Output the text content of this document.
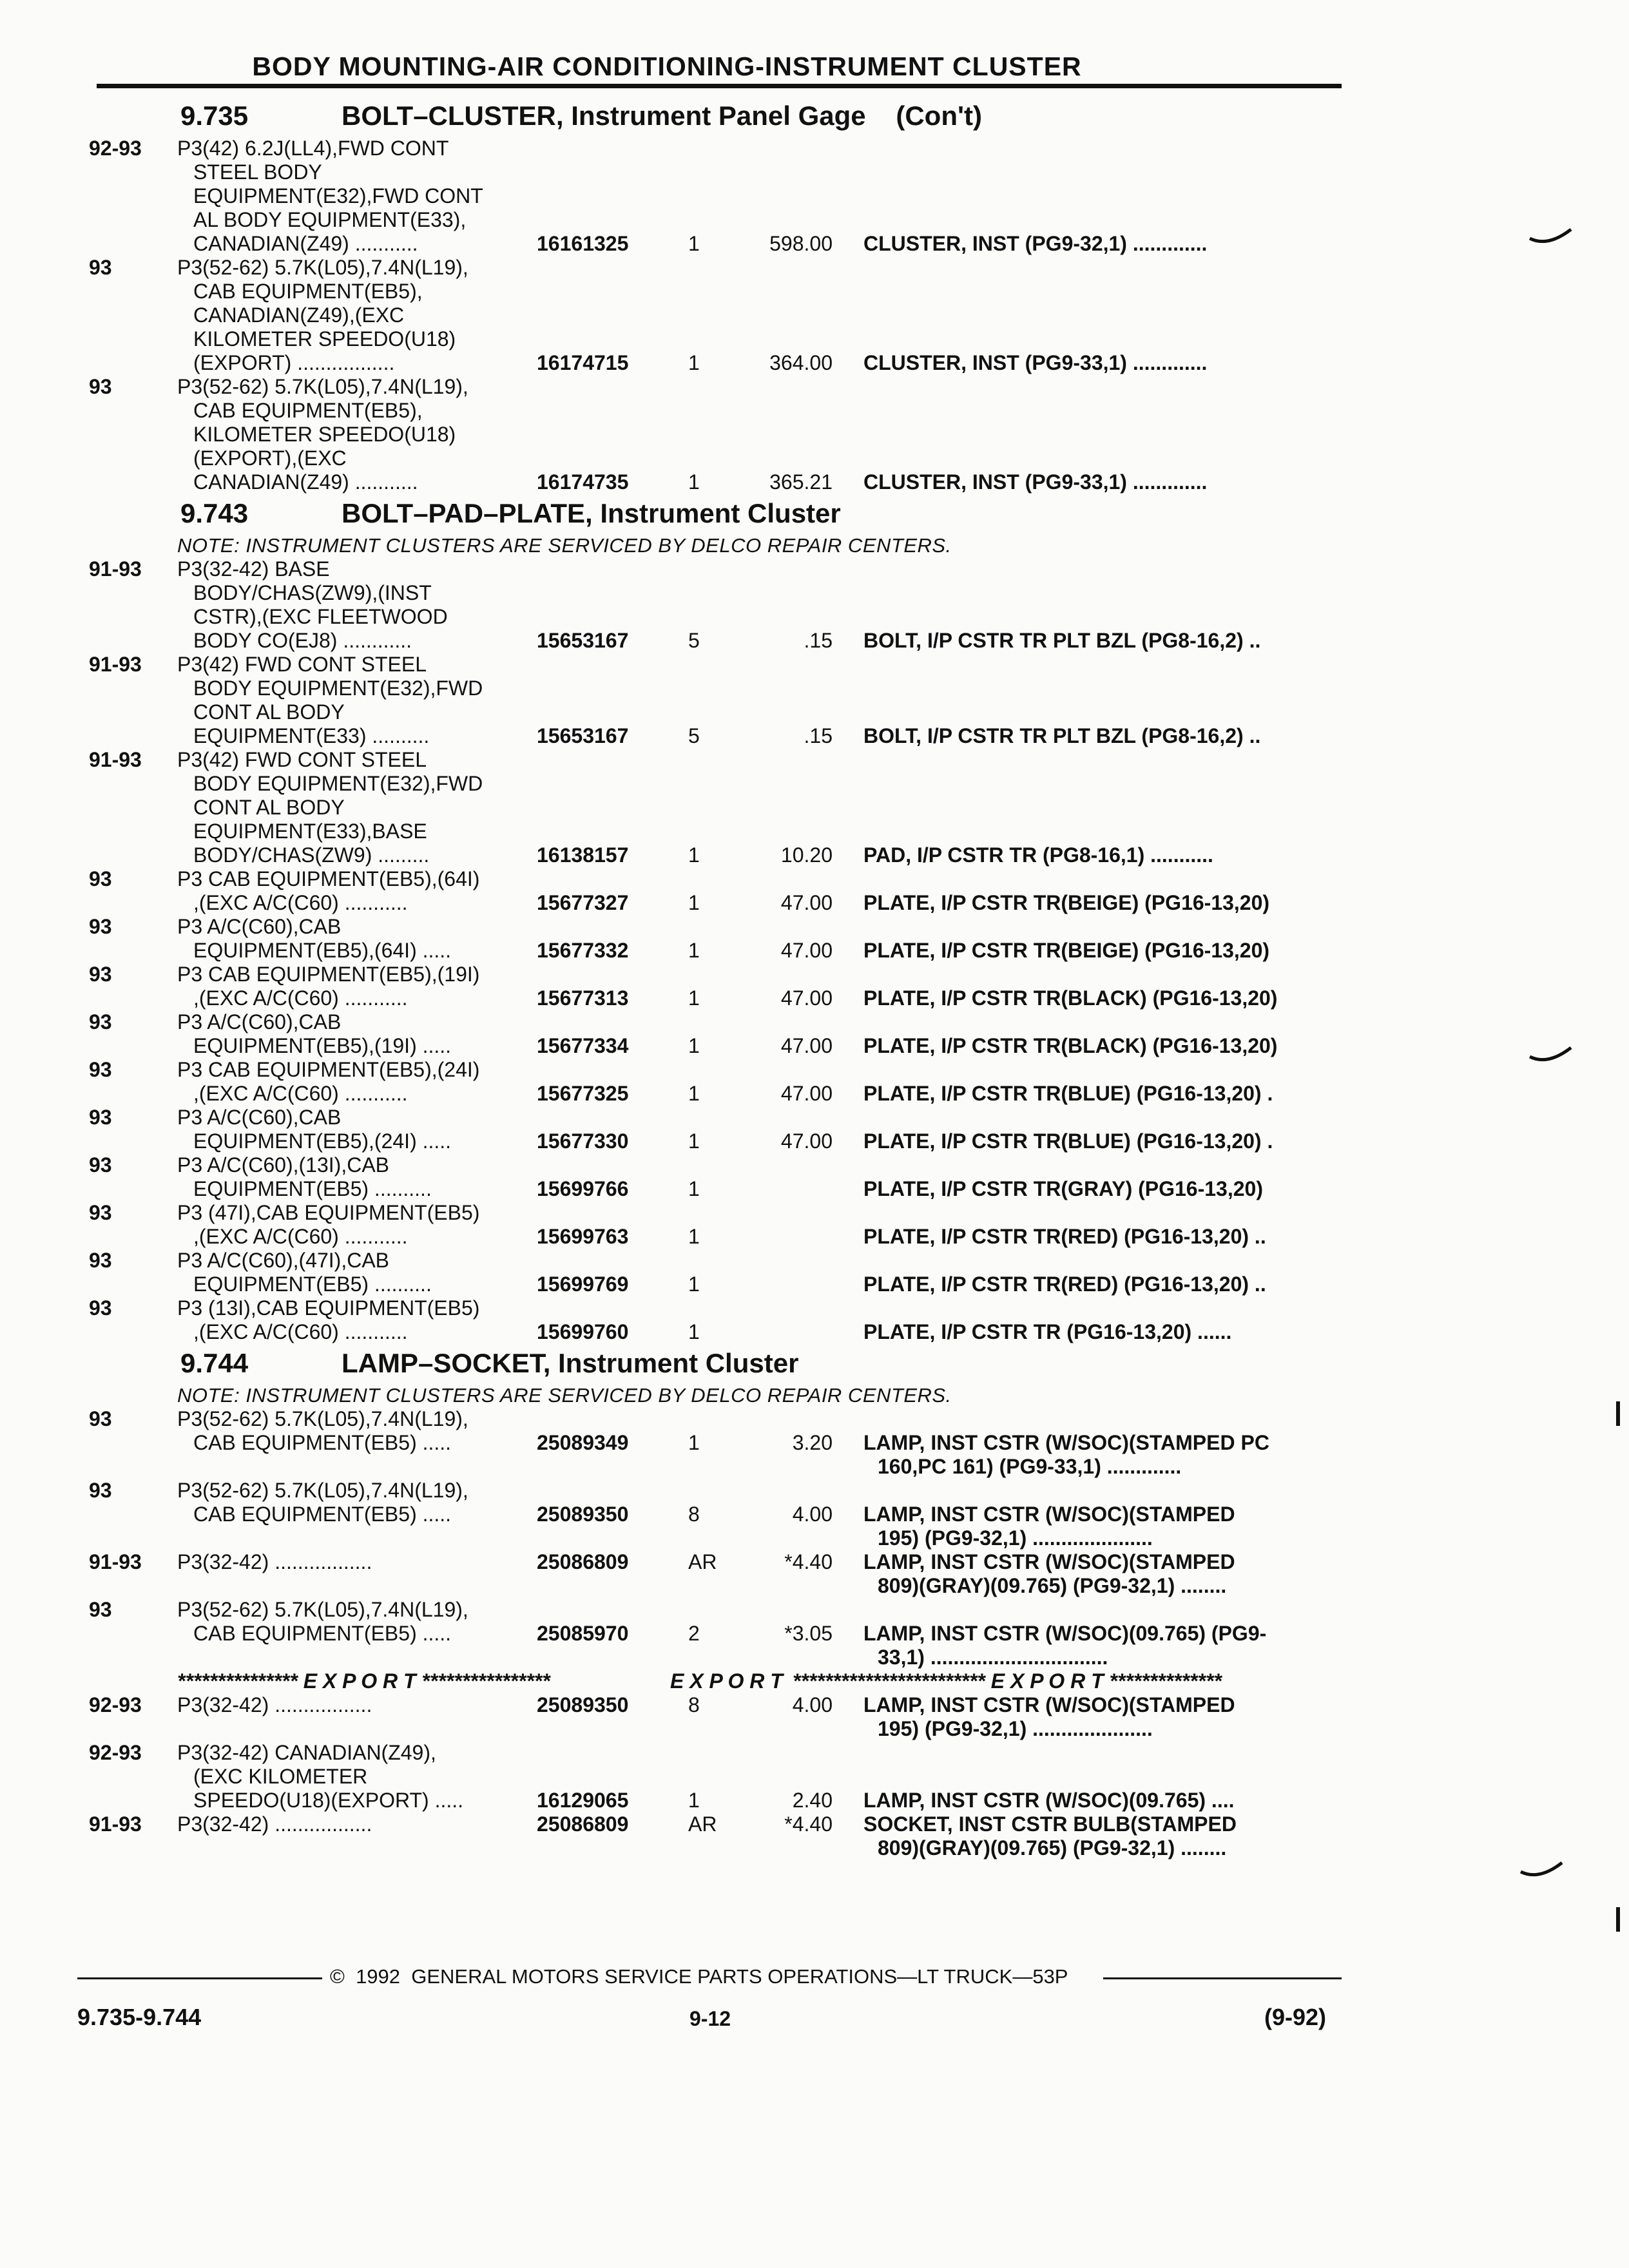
BODY MOUNTING-AIR CONDITIONING-INSTRUMENT CLUSTER
9.735	BOLT–CLUSTER, Instrument Panel Gage    (Con't)
92-93	P3(42) 6.2J(LL4),FWD CONT
STEEL BODY
EQUIPMENT(E32),FWD CONT
AL BODY EQUIPMENT(E33),
CANADIAN(Z49) ...........	16161325	1	598.00 CLUSTER, INST (PG9-32,1) .............
93	P3(52-62) 5.7K(L05),7.4N(L19),
CAB EQUIPMENT(EB5),
CANADIAN(Z49),(EXC
KILOMETER SPEEDO(U18)
(EXPORT) .................	16174715	1	364.00 CLUSTER, INST (PG9-33,1) .............
93	P3(52-62) 5.7K(L05),7.4N(L19),
CAB EQUIPMENT(EB5),
KILOMETER SPEEDO(U18)
(EXPORT),(EXC
CANADIAN(Z49) ...........	16174735	1	365.21 CLUSTER, INST (PG9-33,1) .............
9.743	BOLT–PAD–PLATE, Instrument Cluster
NOTE: INSTRUMENT CLUSTERS ARE SERVICED BY DELCO REPAIR CENTERS.
91-93	P3(32-42) BASE
BODY/CHAS(ZW9),(INST
CSTR),(EXC FLEETWOOD
BODY CO(EJ8) ............	15653167	5	.15 BOLT, I/P CSTR TR PLT BZL (PG8-16,2) ..
91-93	P3(42) FWD CONT STEEL
BODY EQUIPMENT(E32),FWD
CONT AL BODY
EQUIPMENT(E33) ..........	15653167	5	.15 BOLT, I/P CSTR TR PLT BZL (PG8-16,2) ..
91-93	P3(42) FWD CONT STEEL
BODY EQUIPMENT(E32),FWD
CONT AL BODY
EQUIPMENT(E33),BASE
BODY/CHAS(ZW9) .........	16138157	1	10.20 PAD, I/P CSTR TR (PG8-16,1) ...........
93	P3 CAB EQUIPMENT(EB5),(64I)
,(EXC A/C(C60) ...........	15677327	1	47.00 PLATE, I/P CSTR TR(BEIGE) (PG16-13,20)
93	P3 A/C(C60),CAB
EQUIPMENT(EB5),(64I) .....	15677332	1	47.00 PLATE, I/P CSTR TR(BEIGE) (PG16-13,20)
93	P3 CAB EQUIPMENT(EB5),(19I)
,(EXC A/C(C60) ...........	15677313	1	47.00 PLATE, I/P CSTR TR(BLACK) (PG16-13,20)
93	P3 A/C(C60),CAB
EQUIPMENT(EB5),(19I) .....	15677334	1	47.00 PLATE, I/P CSTR TR(BLACK) (PG16-13,20)
93	P3 CAB EQUIPMENT(EB5),(24I)
,(EXC A/C(C60) ...........	15677325	1	47.00 PLATE, I/P CSTR TR(BLUE) (PG16-13,20) .
93	P3 A/C(C60),CAB
EQUIPMENT(EB5),(24I) .....	15677330	1	47.00 PLATE, I/P CSTR TR(BLUE) (PG16-13,20) .
93	P3 A/C(C60),(13I),CAB
EQUIPMENT(EB5) ..........	15699766	1	PLATE, I/P CSTR TR(GRAY) (PG16-13,20)
93	P3 (47I),CAB EQUIPMENT(EB5)
,(EXC A/C(C60) ...........	15699763	1	PLATE, I/P CSTR TR(RED) (PG16-13,20) ..
93	P3 A/C(C60),(47I),CAB
EQUIPMENT(EB5) ..........	15699769	1	PLATE, I/P CSTR TR(RED) (PG16-13,20) ..
93	P3 (13I),CAB EQUIPMENT(EB5)
,(EXC A/C(C60) ...........	15699760	1	PLATE, I/P CSTR TR (PG16-13,20) ......
9.744	LAMP–SOCKET, Instrument Cluster
NOTE: INSTRUMENT CLUSTERS ARE SERVICED BY DELCO REPAIR CENTERS.
93	P3(52-62) 5.7K(L05),7.4N(L19),
CAB EQUIPMENT(EB5) .....	25089349	1	3.20 LAMP, INST CSTR (W/SOC)(STAMPED PC
160,PC 161) (PG9-33,1) .............
93	P3(52-62) 5.7K(L05),7.4N(L19),
CAB EQUIPMENT(EB5) .....	25089350	8	4.00 LAMP, INST CSTR (W/SOC)(STAMPED
195) (PG9-32,1) .....................
91-93	P3(32-42) .................	25086809	AR	*4.40 LAMP, INST CSTR (W/SOC)(STAMPED
809)(GRAY)(09.765) (PG9-32,1) ........
93	P3(52-62) 5.7K(L05),7.4N(L19),
CAB EQUIPMENT(EB5) .....	25085970	2	*3.05 LAMP, INST CSTR (W/SOC)(09.765) (PG9-
33,1) ...............................
*************** E X P O R T ****************	E X P O R T ************************ E X P O R T **************
92-93	P3(32-42) .................	25089350	8	4.00 LAMP, INST CSTR (W/SOC)(STAMPED
195) (PG9-32,1) .....................
92-93	P3(32-42) CANADIAN(Z49),
(EXC KILOMETER
SPEEDO(U18)(EXPORT) .....	16129065	1	2.40 LAMP, INST CSTR (W/SOC)(09.765) ....
91-93	P3(32-42) .................	25086809	AR	*4.40 SOCKET, INST CSTR BULB(STAMPED
809)(GRAY)(09.765) (PG9-32,1) ........
©  1992  GENERAL MOTORS SERVICE PARTS OPERATIONS—LT TRUCK—53P
9.735-9.744	9-12	(9-92)
